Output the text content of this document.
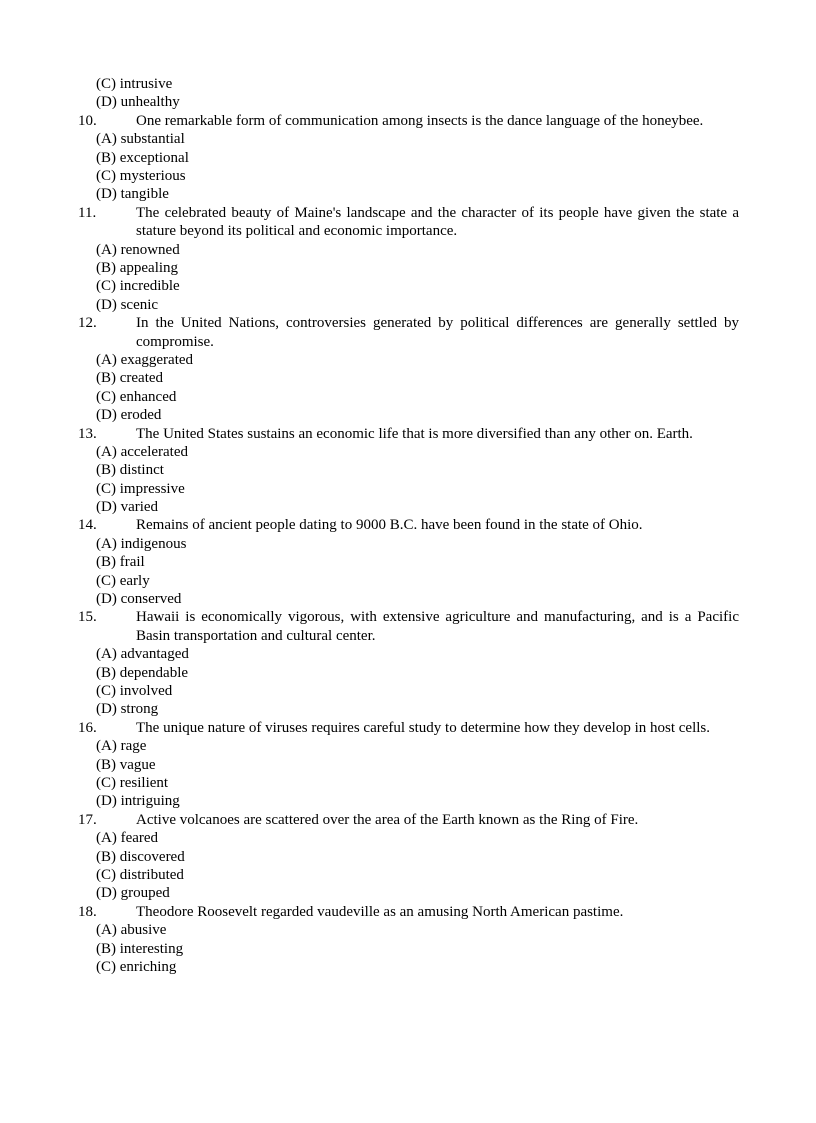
(C) intrusive
(D) unhealthy
10.	One remarkable form of communication among insects is the dance language of the honeybee.
(A) substantial
(B) exceptional
(C) mysterious
(D) tangible
11.	The celebrated beauty of Maine's landscape and the character of its people have given the state a stature beyond its political and economic importance.
(A) renowned
(B) appealing
(C) incredible
(D) scenic
12.	In the United Nations, controversies generated by political differences are generally settled by compromise.
(A) exaggerated
(B) created
(C) enhanced
(D) eroded
13.	The United States sustains an economic life that is more diversified than any other on. Earth.
(A) accelerated
(B) distinct
(C) impressive
(D) varied
14.	Remains of ancient people dating to 9000 B.C. have been found in the state of Ohio.
(A) indigenous
(B) frail
(C) early
(D) conserved
15.	Hawaii is economically vigorous, with extensive agriculture and manufacturing, and is a Pacific Basin transportation and cultural center.
(A) advantaged
(B) dependable
(C) involved
(D) strong
16.	The unique nature of viruses requires careful study to determine how they develop in host cells.
(A) rage
(B) vague
(C) resilient
(D) intriguing
17.	Active volcanoes are scattered over the area of the Earth known as the Ring of Fire.
(A) feared
(B) discovered
(C) distributed
(D) grouped
18.	Theodore Roosevelt regarded vaudeville as an amusing North American pastime.
(A) abusive
(B) interesting
(C) enriching
